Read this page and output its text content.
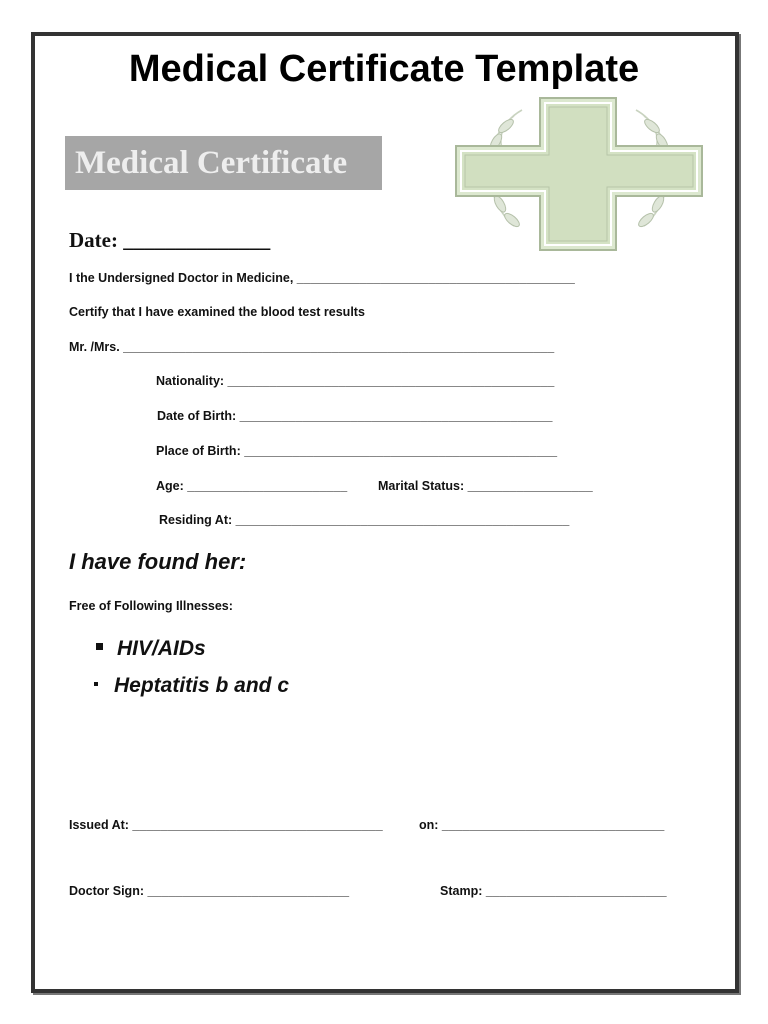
Medical Certificate Template
Medical Certificate
Date: ______________
I the Undersigned Doctor in Medicine, ________________________________________
Certify that I have examined the blood test results
Mr. /Mrs. ______________________________________________________________
Nationality: _______________________________________________
Date of Birth: _____________________________________________
Place of Birth: _____________________________________________
Age: _______________________ Marital Status: __________________
Residing At: ________________________________________________
I have found her:
Free of Following Illnesses:
HIV/AIDs
Heptatitis b and c
Issued At: ____________________________________	on: ________________________________
Doctor Sign: _____________________________	Stamp: __________________________
